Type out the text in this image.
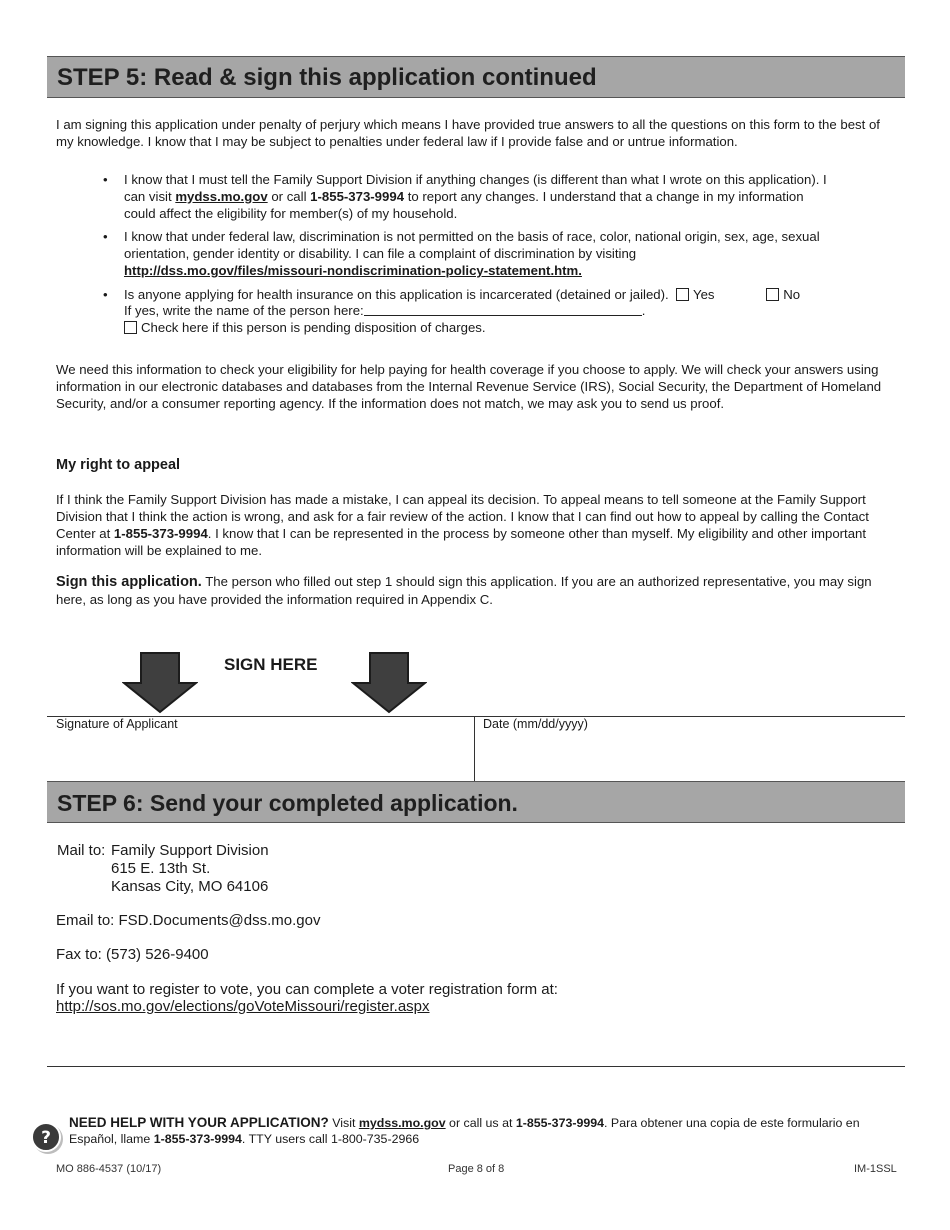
STEP 5: Read & sign this application continued
I am signing this application under penalty of perjury which means I have provided true answers to all the questions on this form to the best of my knowledge. I know that I may be subject to penalties under federal law if I provide false and or untrue information.
• I know that I must tell the Family Support Division if anything changes (is different than what I wrote on this application). I can visit mydss.mo.gov or call 1-855-373-9994 to report any changes. I understand that a change in my information could affect the eligibility for member(s) of my household.
• I know that under federal law, discrimination is not permitted on the basis of race, color, national origin, sex, age, sexual orientation, gender identity or disability. I can file a complaint of discrimination by visiting http://dss.mo.gov/files/missouri-nondiscrimination-policy-statement.htm.
• Is anyone applying for health insurance on this application is incarcerated (detained or jailed). Yes	No
If yes, write the name of the person here:	.
Check here if this person is pending disposition of charges.
We need this information to check your eligibility for help paying for health coverage if you choose to apply. We will check your answers using information in our electronic databases and databases from the Internal Revenue Service (IRS), Social Security, the Department of Homeland Security, and/or a consumer reporting agency. If the information does not match, we may ask you to send us proof.
My right to appeal
If I think the Family Support Division has made a mistake, I can appeal its decision. To appeal means to tell someone at the Family Support Division that I think the action is wrong, and ask for a fair review of the action. I know that I can find out how to appeal by calling the Contact Center at 1-855-373-9994. I know that I can be represented in the process by someone other than myself. My eligibility and other important information will be explained to me.
Sign this application. The person who filled out step 1 should sign this application. If you are an authorized representative, you may sign here, as long as you have provided the information required in Appendix C.
SIGN HERE
Signature of Applicant	Date (mm/dd/yyyy)
STEP 6: Send your completed application.
Mail to: Family Support Division
615 E. 13th St.
Kansas City, MO 64106
Email to: FSD.Documents@dss.mo.gov
Fax to: (573) 526-9400
If you want to register to vote, you can complete a voter registration form at:
http://sos.mo.gov/elections/goVoteMissouri/register.aspx
?
NEED HELP WITH YOUR APPLICATION? Visit mydss.mo.gov or call us at 1-855-373-9994. Para obtener una copia de este formulario en Español, llame 1-855-373-9994. TTY users call 1-800-735-2966
MO 886-4537 (10/17)	Page 8 of 8	IM-1SSL
